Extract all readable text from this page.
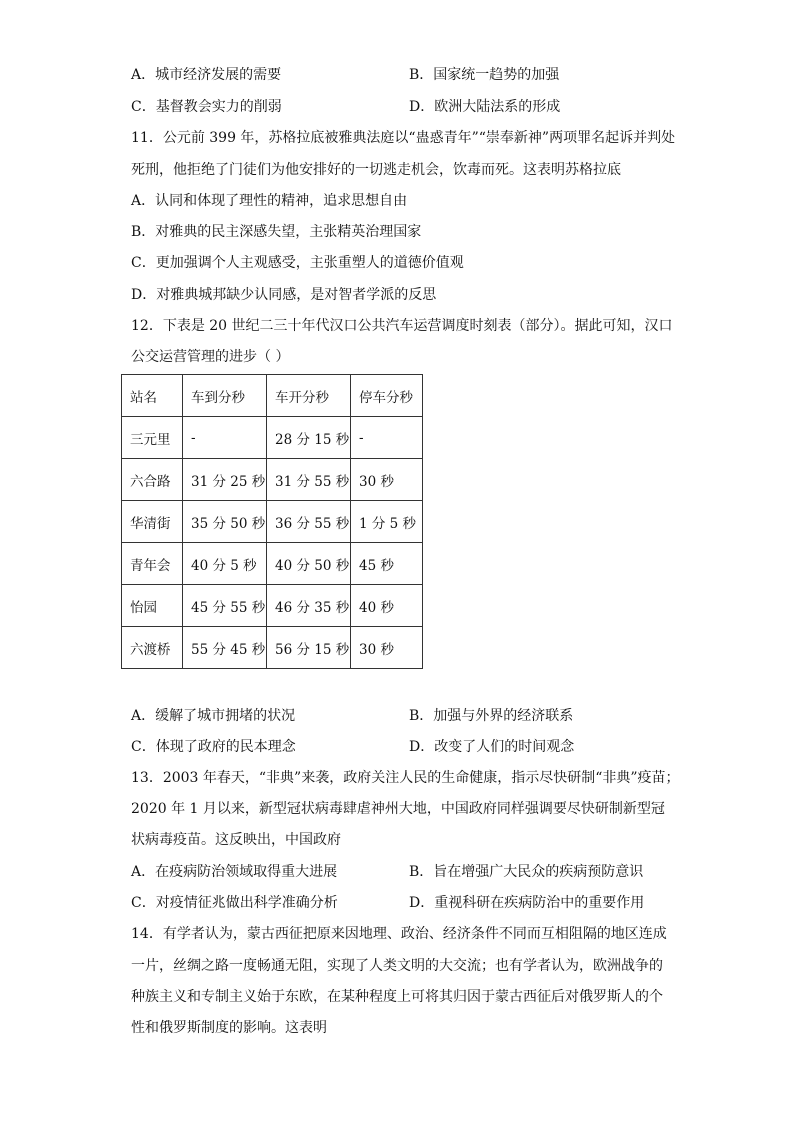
A．城市经济发展的需要	B．国家统一趋势的加强
C．基督教会实力的削弱	D．欧洲大陆法系的形成
11．公元前 399 年，苏格拉底被雅典法庭以“蛊惑青年”“崇奉新神”两项罪名起诉并判处
死刑，他拒绝了门徒们为他安排好的一切逃走机会，饮毒而死。这表明苏格拉底
A．认同和体现了理性的精神，追求思想自由
B．对雅典的民主深感失望，主张精英治理国家
C．更加强调个人主观感受，主张重塑人的道德价值观
D．对雅典城邦缺少认同感，是对智者学派的反思
12．下表是 20 世纪二三十年代汉口公共汽车运营调度时刻表（部分）。据此可知，汉口
公交运营管理的进步（ ）
站名	车到分秒	车开分秒	停车分秒
三元里	-	28 分 15 秒	-
六合路	31 分 25 秒	31 分 55 秒	30 秒
华清街	35 分 50 秒	36 分 55 秒	1 分 5 秒
青年会	40 分 5 秒	40 分 50 秒	45 秒
怡园	45 分 55 秒	46 分 35 秒	40 秒
六渡桥	55 分 45 秒	56 分 15 秒	30 秒
A．缓解了城市拥堵的状况	B．加强与外界的经济联系
C．体现了政府的民本理念	D．改变了人们的时间观念
13．2003 年春天，“非典”来袭，政府关注人民的生命健康，指示尽快研制“非典”疫苗；
2020 年 1 月以来，新型冠状病毒肆虐神州大地，中国政府同样强调要尽快研制新型冠
状病毒疫苗。这反映出，中国政府
A．在疫病防治领域取得重大进展	B．旨在增强广大民众的疾病预防意识
C．对疫情征兆做出科学准确分析	D．重视科研在疾病防治中的重要作用
14．有学者认为，蒙古西征把原来因地理、政治、经济条件不同而互相阻隔的地区连成
一片，丝绸之路一度畅通无阻，实现了人类文明的大交流；也有学者认为，欧洲战争的
种族主义和专制主义始于东欧，在某种程度上可将其归因于蒙古西征后对俄罗斯人的个
性和俄罗斯制度的影响。这表明
